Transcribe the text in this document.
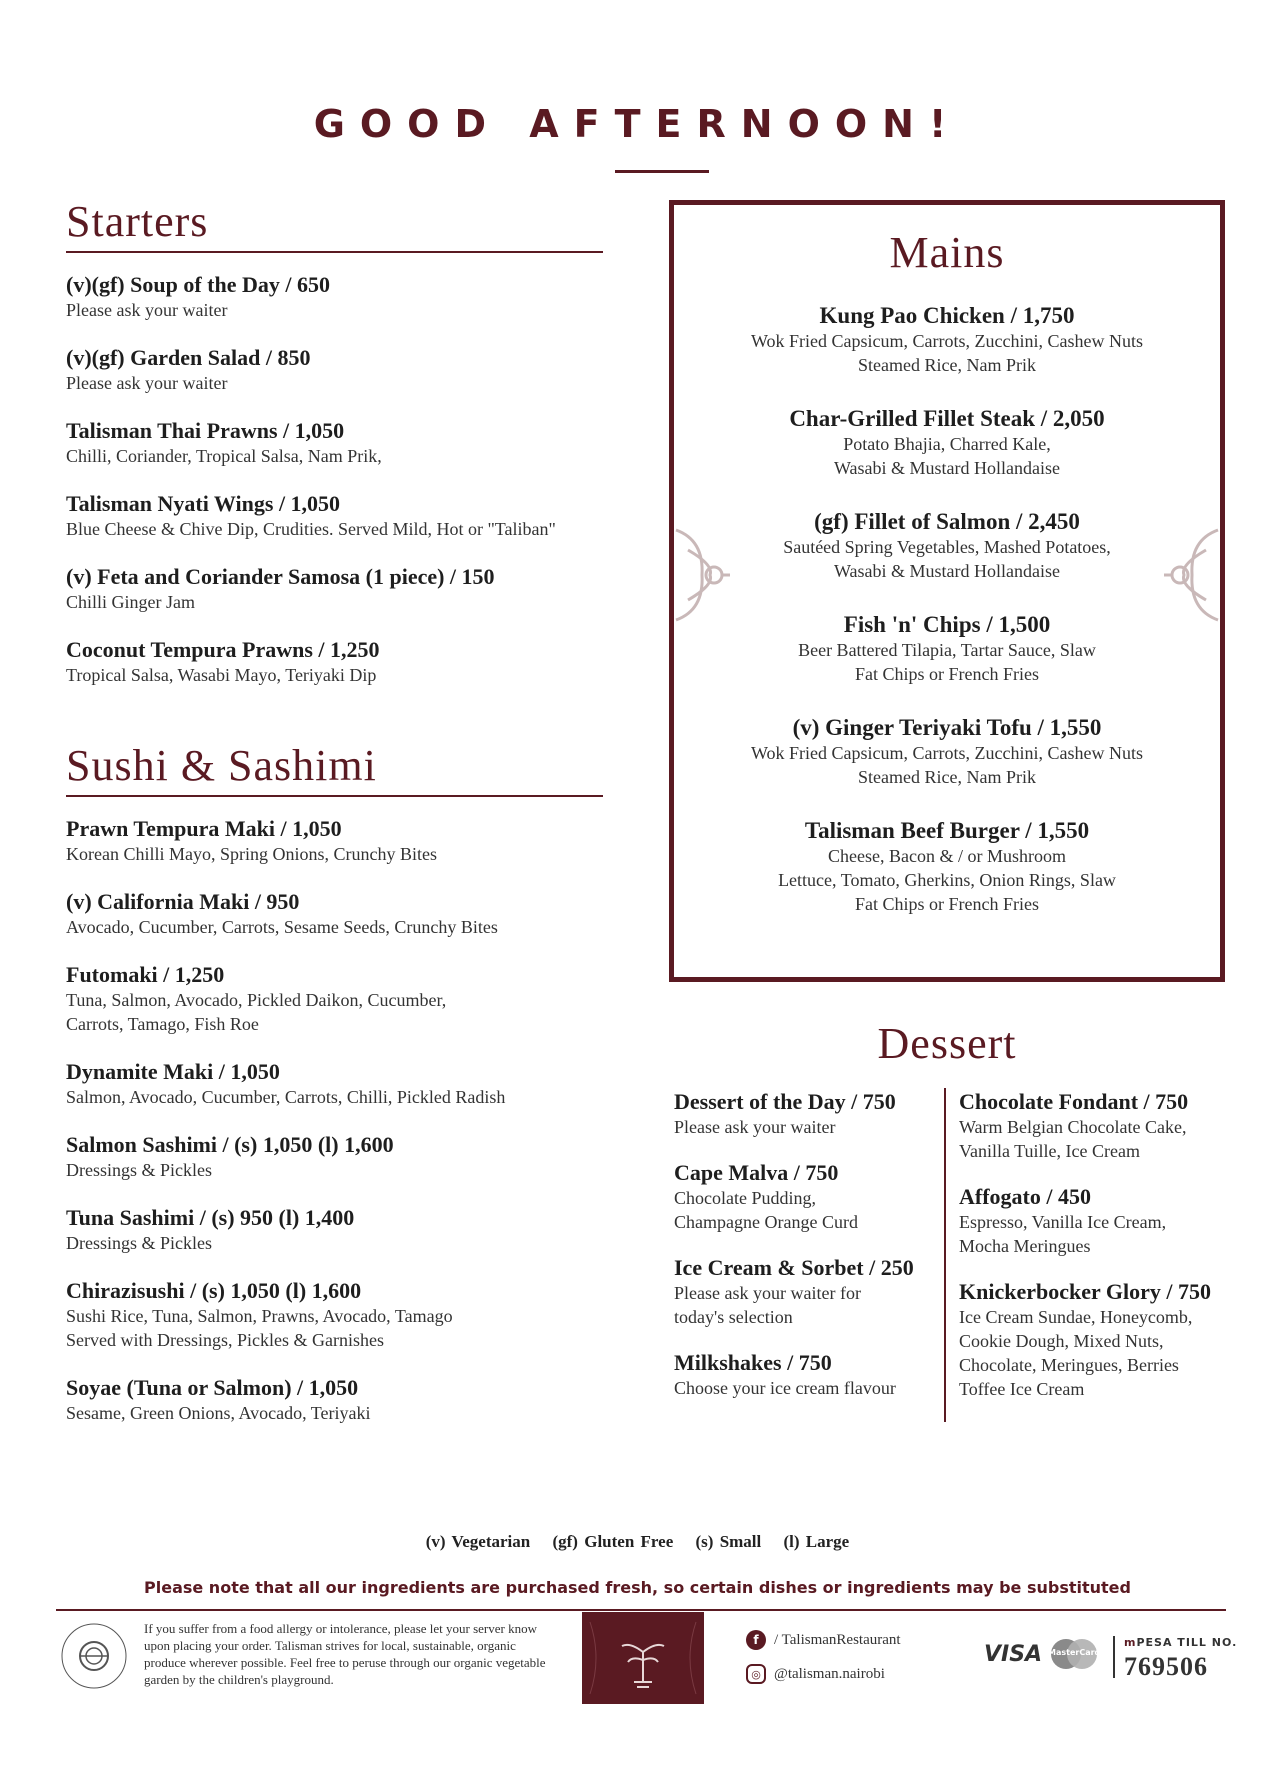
GOOD AFTERNOON!
Starters
(v)(gf) Soup of the Day / 650
Please ask your waiter
(v)(gf) Garden Salad / 850
Please ask your waiter
Talisman Thai Prawns / 1,050
Chilli, Coriander, Tropical Salsa, Nam Prik,
Talisman Nyati Wings / 1,050
Blue Cheese & Chive Dip, Crudities. Served Mild, Hot or "Taliban"
(v) Feta and Coriander Samosa (1 piece) / 150
Chilli Ginger Jam
Coconut Tempura Prawns / 1,250
Tropical Salsa, Wasabi Mayo, Teriyaki Dip
Sushi & Sashimi
Prawn Tempura Maki / 1,050
Korean Chilli Mayo, Spring Onions, Crunchy Bites
(v) California Maki / 950
Avocado, Cucumber, Carrots, Sesame Seeds, Crunchy Bites
Futomaki / 1,250
Tuna, Salmon, Avocado, Pickled Daikon, Cucumber,
Carrots, Tamago, Fish Roe
Dynamite Maki / 1,050
Salmon, Avocado, Cucumber, Carrots, Chilli, Pickled Radish
Salmon Sashimi / (s) 1,050 (l) 1,600
Dressings & Pickles
Tuna Sashimi / (s) 950 (l) 1,400
Dressings & Pickles
Chirazisushi / (s) 1,050 (l) 1,600
Sushi Rice, Tuna, Salmon, Prawns, Avocado, Tamago
Served with Dressings, Pickles & Garnishes
Soyae (Tuna or Salmon) / 1,050
Sesame, Green Onions, Avocado, Teriyaki
Mains
Kung Pao Chicken / 1,750
Wok Fried Capsicum, Carrots, Zucchini, Cashew Nuts
Steamed Rice, Nam Prik
Char-Grilled Fillet Steak / 2,050
Potato Bhajia, Charred Kale,
Wasabi & Mustard Hollandaise
(gf) Fillet of Salmon / 2,450
Sautéed Spring Vegetables, Mashed Potatoes,
Wasabi & Mustard Hollandaise
Fish 'n' Chips / 1,500
Beer Battered Tilapia, Tartar Sauce, Slaw
Fat Chips or French Fries
(v) Ginger Teriyaki Tofu / 1,550
Wok Fried Capsicum, Carrots, Zucchini, Cashew Nuts
Steamed Rice, Nam Prik
Talisman Beef Burger / 1,550
Cheese, Bacon & / or Mushroom
Lettuce, Tomato, Gherkins, Onion Rings, Slaw
Fat Chips or French Fries
Dessert
Dessert of the Day / 750
Please ask your waiter
Cape Malva / 750
Chocolate Pudding,
Champagne Orange Curd
Ice Cream & Sorbet / 250
Please ask your waiter for
today's selection
Milkshakes / 750
Choose your ice cream flavour
Chocolate Fondant / 750
Warm Belgian Chocolate Cake,
Vanilla Tuille, Ice Cream
Affogato / 450
Espresso, Vanilla Ice Cream,
Mocha Meringues
Knickerbocker Glory / 750
Ice Cream Sundae, Honeycomb,
Cookie Dough, Mixed Nuts,
Chocolate, Meringues, Berries
Toffee Ice Cream
(v) Vegetarian (gf) Gluten Free (s) Small (l) Large
Please note that all our ingredients are purchased fresh, so certain dishes or ingredients may be substituted
If you suffer from a food allergy or intolerance, please let your server know upon placing your order. Talisman strives for local, sustainable, organic produce wherever possible. Feel free to peruse through our organic vegetable garden by the children's playground.
f	/ TalismanRestaurant
◎ @talisman.nairobi
VISA MasterCard
mPESA TILL NO.
769506
